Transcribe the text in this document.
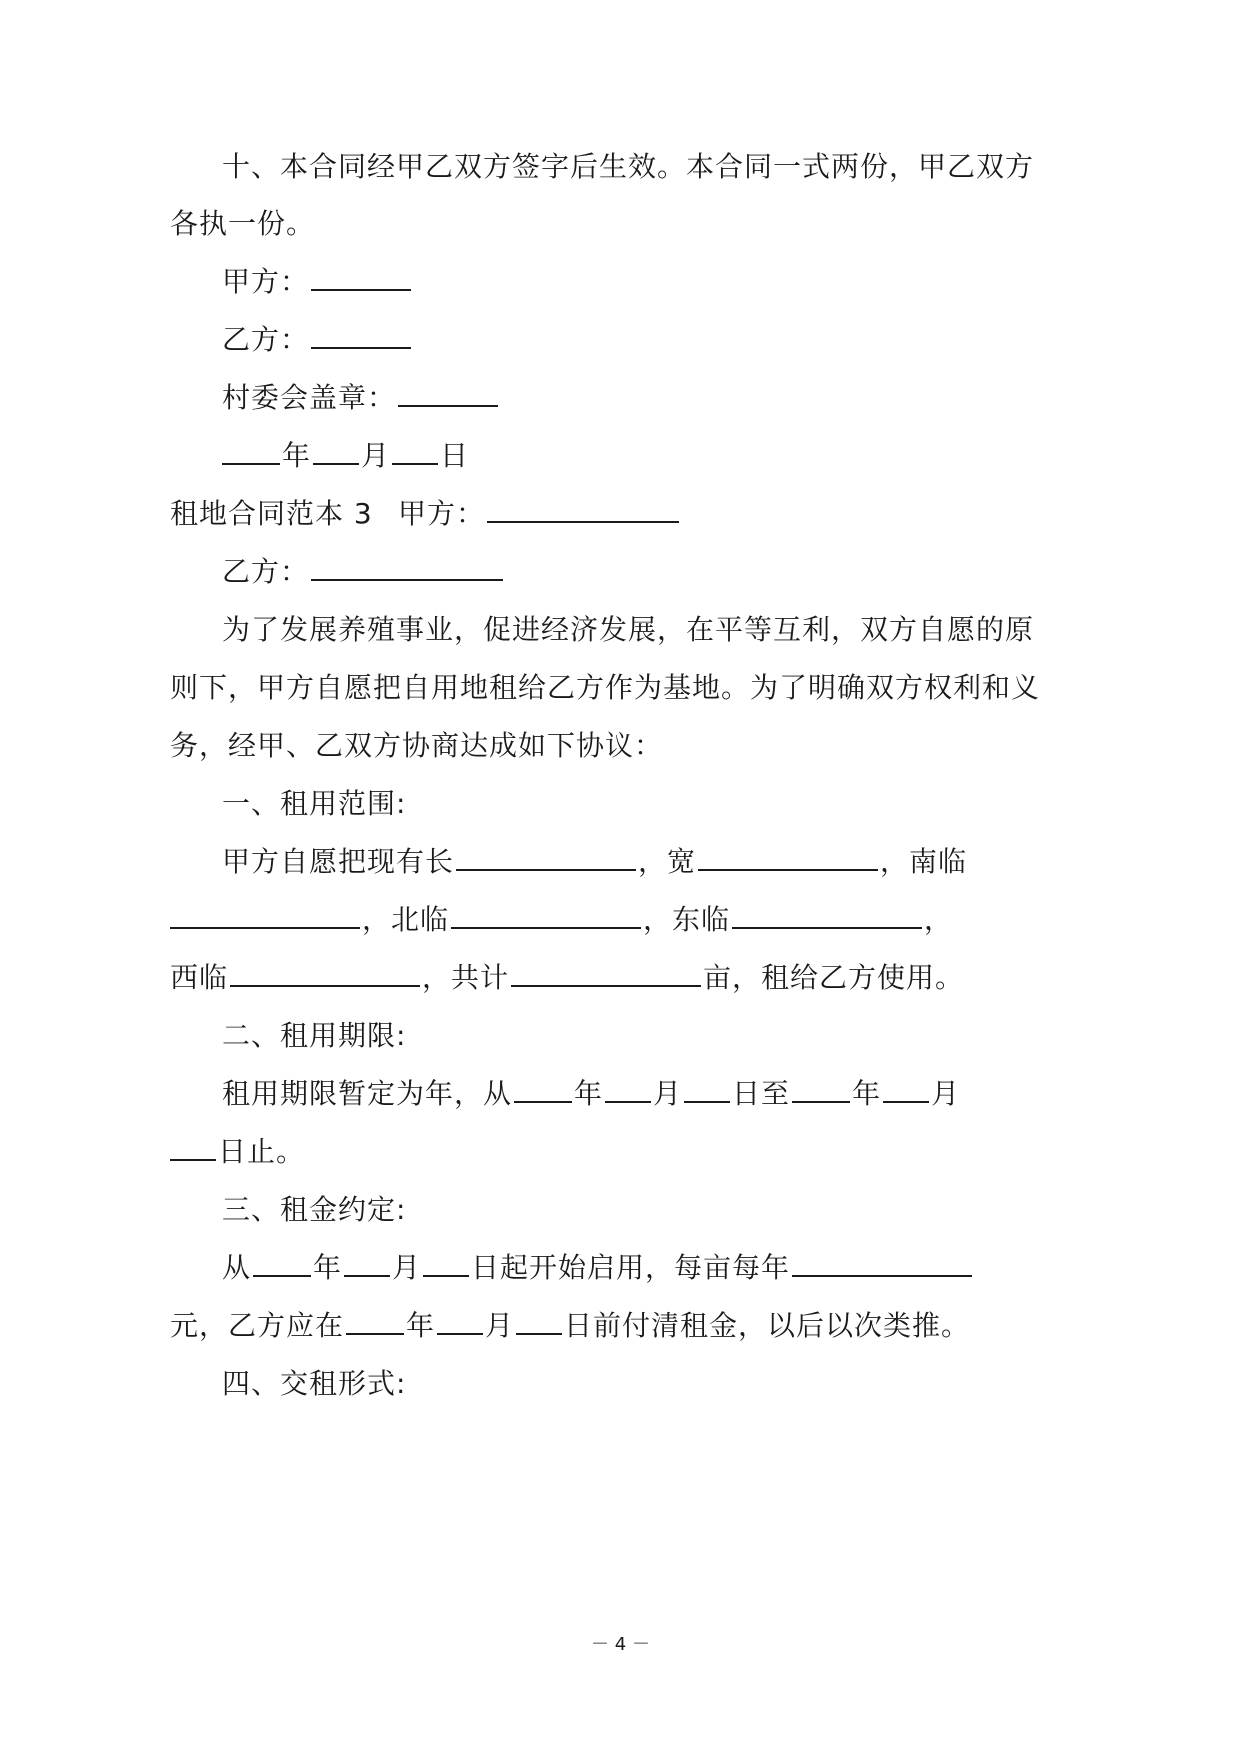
十、本合同经甲乙双方签字后生效。本合同一式两份，甲乙双方
各执一份。
甲方：
乙方：
村委会盖章：
年 月 日
租地合同范本 3 甲方：
乙方：
为了发展养殖事业，促进经济发展，在平等互利，双方自愿的原
则下，甲方自愿把自用地租给乙方作为基地。为了明确双方权利和义
务，经甲、乙双方协商达成如下协议：
一、租用范围:
甲方自愿把现有长	，宽	，南临
，北临	，东临	，
西临	，共计	亩，租给乙方使用。
二、租用期限:
租用期限暂定为年，从 年 月 日至 年 月
日止。
三、租金约定:
从 年 月 日起开始启用，每亩每年
元，乙方应在 年 月 日前付清租金，以后以次类推。
四、交租形式:
－ 4 －
